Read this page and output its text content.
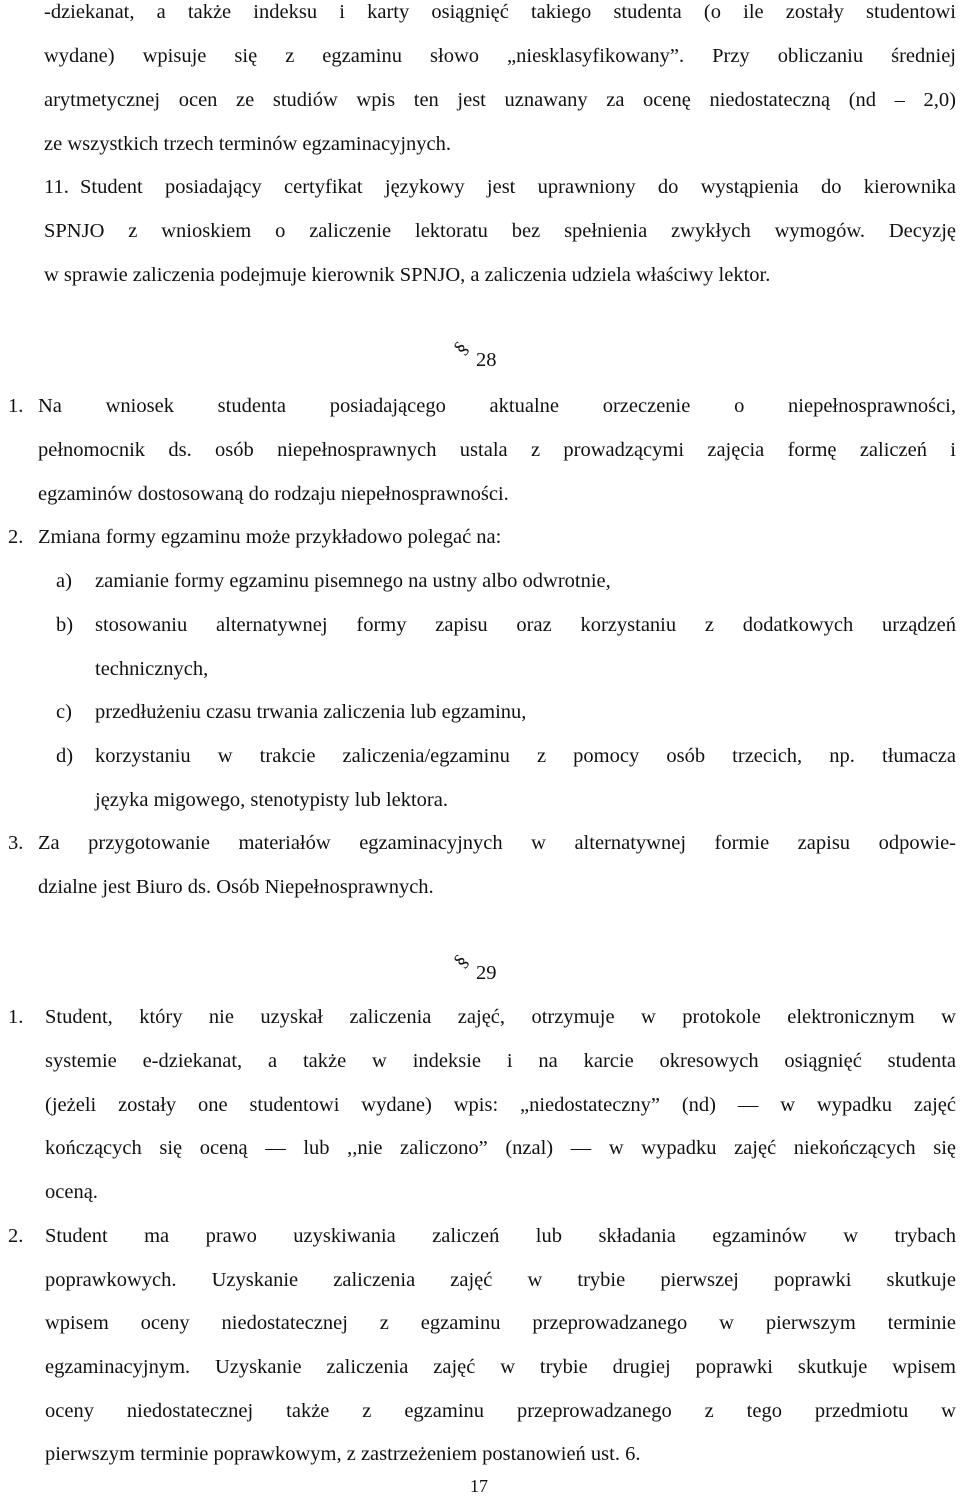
-dziekanat, a także indeksu i karty osiągnięć takiego studenta (o ile zostały studentowi
wydane) wpisuje się z egzaminu słowo „niesklasyfikowany”. Przy obliczaniu średniej
arytmetycznej ocen ze studiów wpis ten jest uznawany za ocenę niedostateczną (nd – 2,0)
ze wszystkich trzech terminów egzaminacyjnych.
11. Student posiadający certyfikat językowy jest uprawniony do wystąpienia do kierownika
SPNJO z wnioskiem o zaliczenie lektoratu bez spełnienia zwykłych wymogów. Decyzję
w sprawie zaliczenia podejmuje kierownik SPNJO, a zaliczenia udziela właściwy lektor.
§
28
1. Na wniosek studenta posiadającego aktualne orzeczenie o niepełnosprawności,
pełnomocnik ds. osób niepełnosprawnych ustala z prowadzącymi zajęcia formę zaliczeń i
egzaminów dostosowaną do rodzaju niepełnosprawności.
2. Zmiana formy egzaminu może przykładowo polegać na:
a) zamianie formy egzaminu pisemnego na ustny albo odwrotnie,
b) stosowaniu alternatywnej formy zapisu oraz korzystaniu z dodatkowych urządzeń
technicznych,
c) przedłużeniu czasu trwania zaliczenia lub egzaminu,
d) korzystaniu w trakcie zaliczenia/egzaminu z pomocy osób trzecich, np. tłumacza
języka migowego, stenotypisty lub lektora.
3. Za przygotowanie materiałów egzaminacyjnych w alternatywnej formie zapisu odpowie-
dzialne jest Biuro ds. Osób Niepełnosprawnych.
§
29
1. Student, który nie uzyskał zaliczenia zajęć, otrzymuje w protokole elektronicznym w
systemie e-dziekanat, a także w indeksie i na karcie okresowych osiągnięć studenta
(jeżeli zostały one studentowi wydane) wpis: „niedostateczny” (nd) — w wypadku zajęć
kończących się oceną — lub ,,nie zaliczono” (nzal) — w wypadku zajęć niekończących się
oceną.
2. Student ma prawo uzyskiwania zaliczeń lub składania egzaminów w trybach
poprawkowych. Uzyskanie zaliczenia zajęć w trybie pierwszej poprawki skutkuje
wpisem oceny niedostatecznej z egzaminu przeprowadzanego w pierwszym terminie
egzaminacyjnym. Uzyskanie zaliczenia zajęć w trybie drugiej poprawki skutkuje wpisem
oceny niedostatecznej także z egzaminu przeprowadzanego z tego przedmiotu w
pierwszym terminie poprawkowym, z zastrzeżeniem postanowień ust. 6.
17
